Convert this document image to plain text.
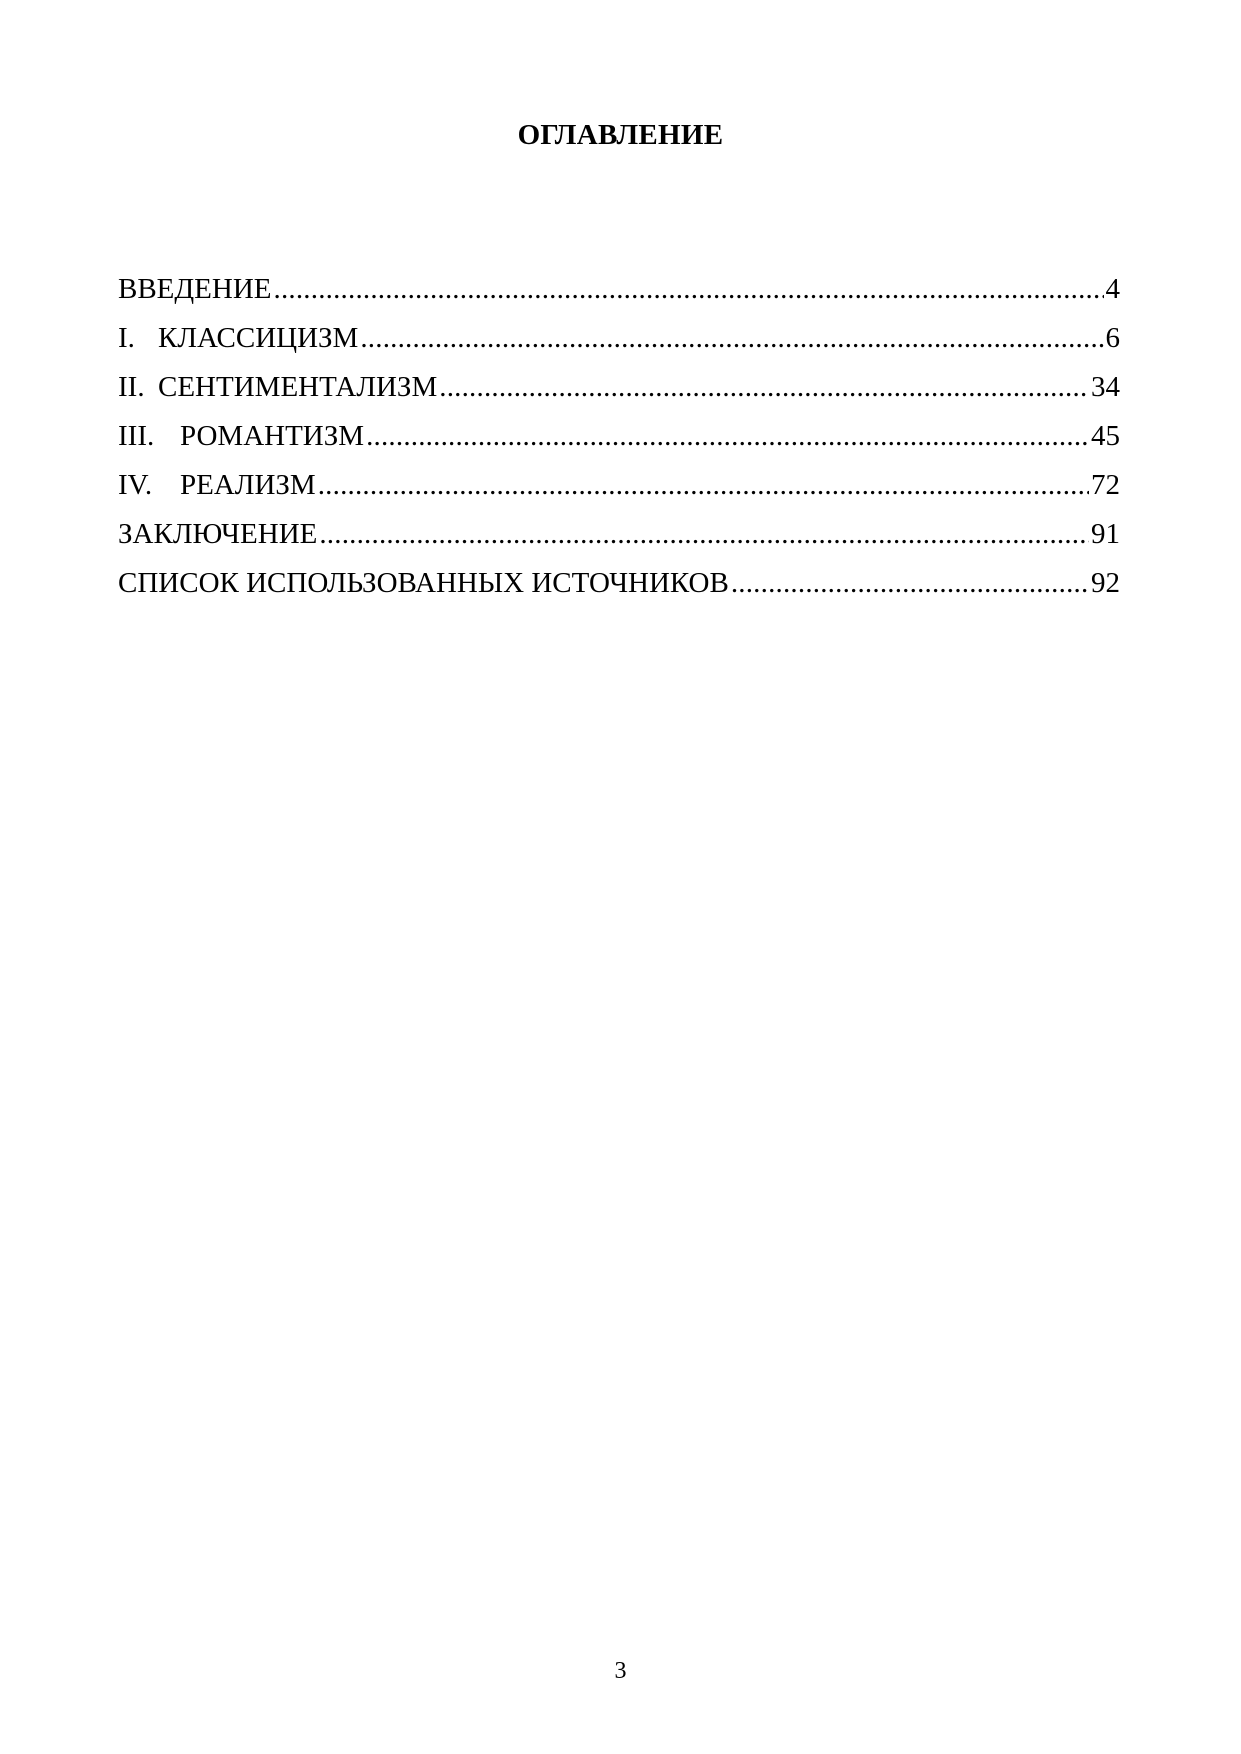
ОГЛАВЛЕНИЕ
ВВЕДЕНИЕ .....	4
I. КЛАССИЦИЗМ .....	6
II. СЕНТИМЕНТАЛИЗМ .....	34
III. РОМАНТИЗМ .....	45
IV. РЕАЛИЗМ .....	72
ЗАКЛЮЧЕНИЕ .....	91
СПИСОК ИСПОЛЬЗОВАННЫХ ИСТОЧНИКОВ .....	92
3
